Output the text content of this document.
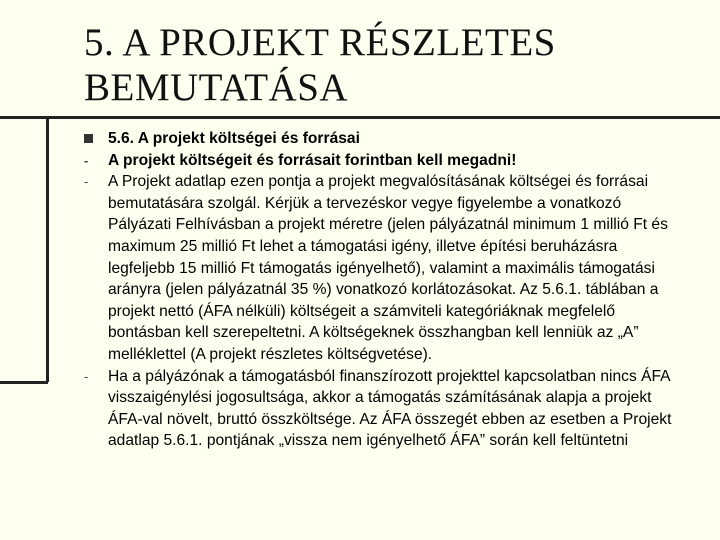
5. A PROJEKT RÉSZLETES
BEMUTATÁSA
5.6. A projekt költségei és forrásai
-	A projekt költségeit és forrásait forintban kell megadni!
-	A Projekt adatlap ezen pontja a projekt megvalósításának költségei és forrásai bemutatására szolgál. Kérjük a tervezéskor vegye figyelembe a vonatkozó Pályázati Felhívásban a projekt méretre (jelen pályázatnál minimum 1 millió Ft és maximum 25 millió Ft lehet a támogatási igény, illetve építési beruházásra legfeljebb 15 millió Ft támogatás igényelhető), valamint a maximális támogatási arányra (jelen pályázatnál 35 %) vonatkozó korlátozásokat. Az 5.6.1. táblában a projekt nettó (ÁFA nélküli) költségeit a számviteli kategóriáknak megfelelő bontásban kell szerepeltetni. A költségeknek összhangban kell lenniük az „A” melléklettel (A projekt részletes költségvetése).
-	Ha a pályázónak a támogatásból finanszírozott projekttel kapcsolatban nincs ÁFA visszaigénylési jogosultsága, akkor a támogatás számításának alapja a projekt ÁFA-val növelt, bruttó összköltsége. Az ÁFA összegét ebben az esetben a Projekt adatlap 5.6.1. pontjának „vissza nem igényelhető ÁFA” során kell feltüntetni
